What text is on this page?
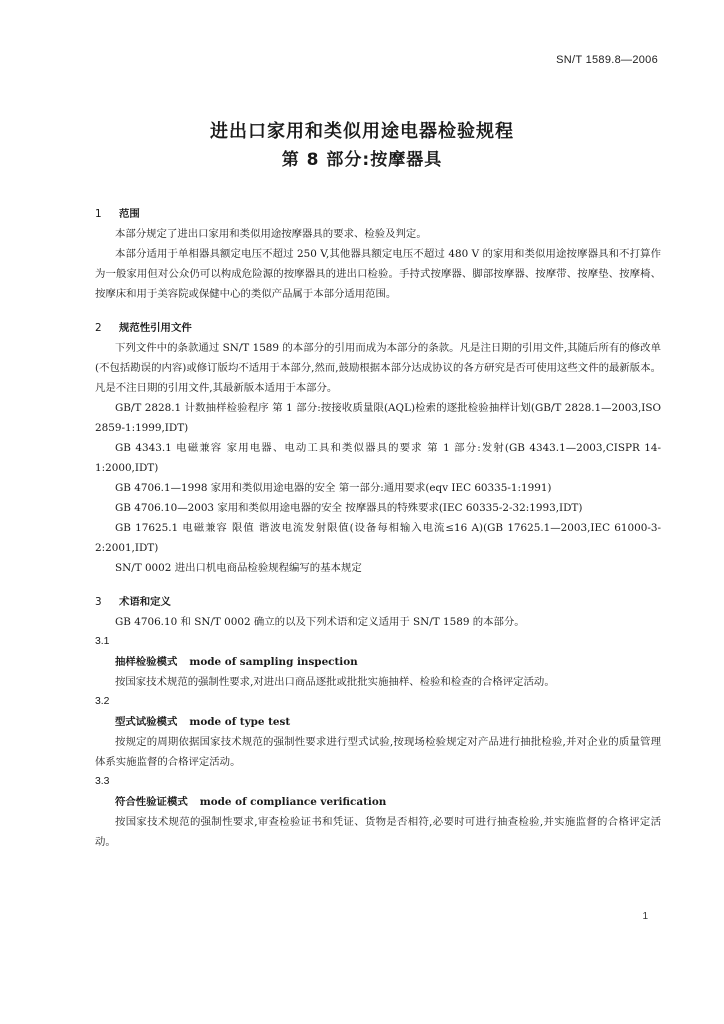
SN/T 1589.8—2006
进出口家用和类似用途电器检验规程
第 8 部分:按摩器具
1 范围

本部分规定了进出口家用和类似用途按摩器具的要求、检验及判定。

本部分适用于单相器具额定电压不超过 250 V,其他器具额定电压不超过 480 V 的家用和类似用途按摩器具和不打算作为一般家用但对公众仍可以构成危险源的按摩器具的进出口检验。手持式按摩器、脚部按摩器、按摩带、按摩垫、按摩椅、按摩床和用于美容院或保健中心的类似产品属于本部分适用范围。

2 规范性引用文件

下列文件中的条款通过 SN/T 1589 的本部分的引用而成为本部分的条款。凡是注日期的引用文件,其随后所有的修改单(不包括勘误的内容)或修订版均不适用于本部分,然而,鼓励根据本部分达成协议的各方研究是否可使用这些文件的最新版本。凡是不注日期的引用文件,其最新版本适用于本部分。

GB/T 2828.1 计数抽样检验程序 第 1 部分:按接收质量限(AQL)检索的逐批检验抽样计划(GB/T 2828.1—2003,ISO 2859-1:1999,IDT)

GB 4343.1 电磁兼容 家用电器、电动工具和类似器具的要求 第 1 部分:发射(GB 4343.1—2003,CISPR 14-1:2000,IDT)

GB 4706.1—1998 家用和类似用途电器的安全 第一部分:通用要求(eqv IEC 60335-1:1991)

GB 4706.10—2003 家用和类似用途电器的安全 按摩器具的特殊要求(IEC 60335-2-32:1993,IDT)

GB 17625.1 电磁兼容 限值 谐波电流发射限值(设备每相输入电流≤16 A)(GB 17625.1—2003,IEC 61000-3-2:2001,IDT)

SN/T 0002 进出口机电商品检验规程编写的基本规定

3 术语和定义

GB 4706.10 和 SN/T 0002 确立的以及下列术语和定义适用于 SN/T 1589 的本部分。

3.1
抽样检验模式 mode of sampling inspection

按国家技术规范的强制性要求,对进出口商品逐批或批批实施抽样、检验和检查的合格评定活动。

3.2
型式试验模式 mode of type test

按规定的周期依据国家技术规范的强制性要求进行型式试验,按现场检验规定对产品进行抽批检验,并对企业的质量管理体系实施监督的合格评定活动。

3.3
符合性验证模式 mode of compliance verification

按国家技术规范的强制性要求,审查检验证书和凭证、货物是否相符,必要时可进行抽查检验,并实施监督的合格评定活动。

1
